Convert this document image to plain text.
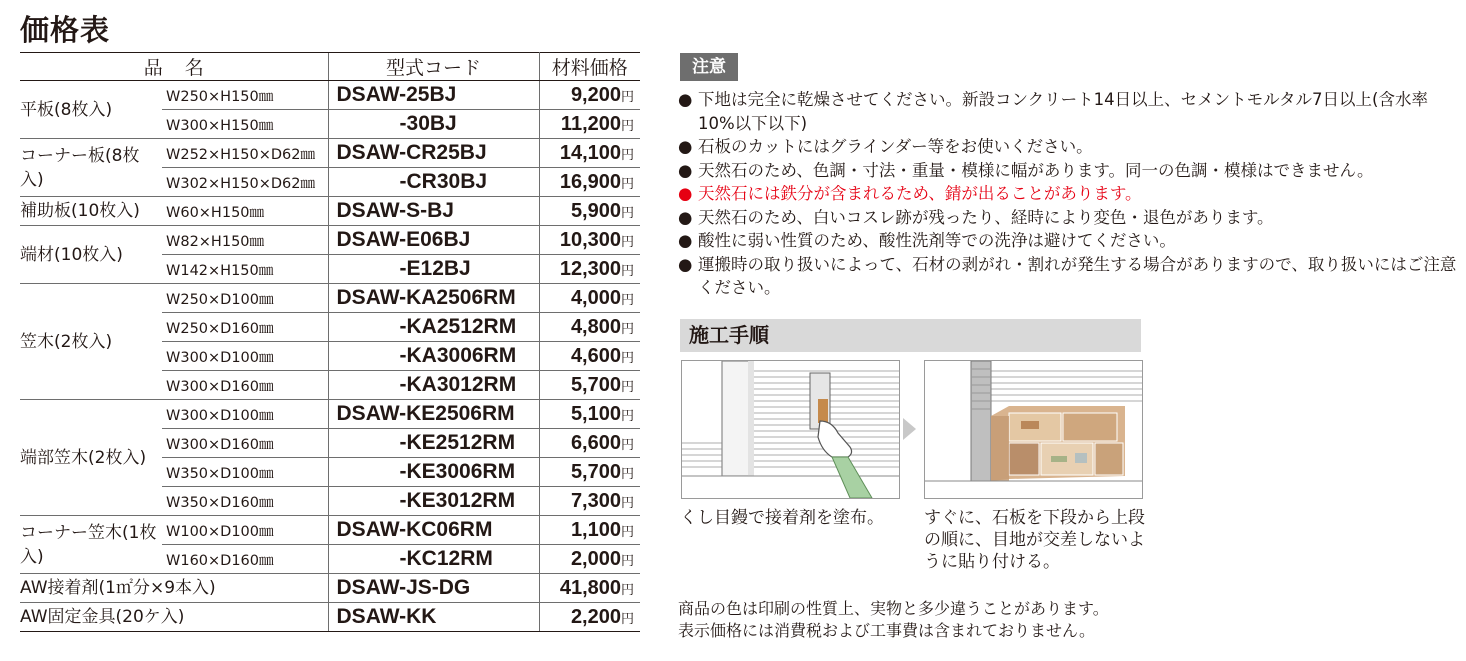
価格表
品名		型式コード	材料価格
平板(8枚入)	W250×H150㎜	DSAW-25BJ	9,200円
	W300×H150㎜	-30BJ	11,200円
コーナー板(8枚入)	W252×H150×D62㎜	DSAW-CR25BJ	14,100円
	W302×H150×D62㎜	-CR30BJ	16,900円
補助板(10枚入)	W60×H150㎜	DSAW-S-BJ	5,900円
端材(10枚入)	W82×H150㎜	DSAW-E06BJ	10,300円
	W142×H150㎜	-E12BJ	12,300円
笠木(2枚入)	W250×D100㎜	DSAW-KA2506RM	4,000円
	W250×D160㎜	-KA2512RM	4,800円
	W300×D100㎜	-KA3006RM	4,600円
	W300×D160㎜	-KA3012RM	5,700円
端部笠木(2枚入)	W300×D100㎜	DSAW-KE2506RM	5,100円
	W300×D160㎜	-KE2512RM	6,600円
	W350×D100㎜	-KE3006RM	5,700円
	W350×D160㎜	-KE3012RM	7,300円
コーナー笠木(1枚入)	W100×D100㎜	DSAW-KC06RM	1,100円
	W160×D160㎜	-KC12RM	2,000円
AW接着剤(1㎡分×9本入)		DSAW-JS-DG	41,800円
AW固定金具(20ケ入)		DSAW-KK	2,200円
注意
● 下地は完全に乾燥させてください。新設コンクリート14日以上、セメントモルタル7日以上(含水率10%以下以下)
● 石板のカットにはグラインダー等をお使いください。
● 天然石のため、色調・寸法・重量・模様に幅があります。同一の色調・模様はできません。
● 天然石には鉄分が含まれるため、錆が出ることがあります。
● 天然石のため、白いコスレ跡が残ったり、経時により変色・退色があります。
● 酸性に弱い性質のため、酸性洗剤等での洗浄は避けてください。
● 運搬時の取り扱いによって、石材の剥がれ・割れが発生する場合がありますので、取り扱いにはご注意ください。
施工手順
くし目鏝で接着剤を塗布。	すぐに、石板を下段から上段の順に、目地が交差しないように貼り付ける。
商品の色は印刷の性質上、実物と多少違うことがあります。
表示価格には消費税および工事費は含まれておりません。
